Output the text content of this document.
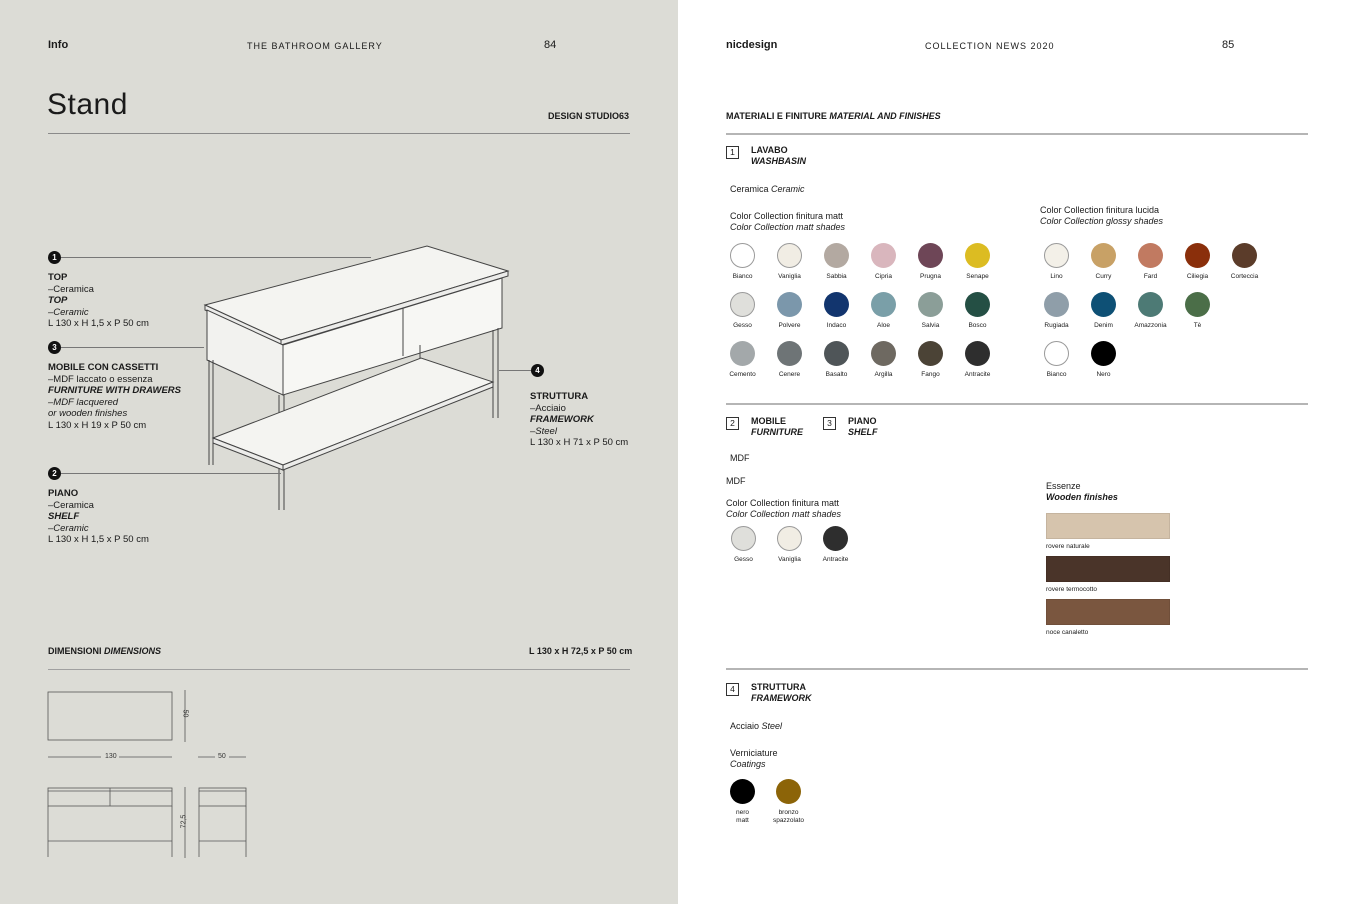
Info	THE BATHROOM GALLERY	84
Stand	DESIGN STUDIO63
1
TOP
–Ceramica
TOP
–Ceramic
L 130 x H 1,5 x P 50 cm
3
MOBILE CON CASSETTI
–MDF laccato o essenza
FURNITURE WITH DRAWERS
–MDF lacquered
or wooden finishes
L 130 x H 19 x P 50 cm
2
PIANO
–Ceramica
SHELF
–Ceramic
L 130 x H 1,5 x P 50 cm
4
STRUTTURA
–Acciaio
FRAMEWORK
–Steel
L 130 x H 71 x P 50 cm
DIMENSIONI DIMENSIONS	L 130 x H 72,5 x P 50 cm
50
130	50
72,5
nicdesign	COLLECTION NEWS 2020	85
MATERIALI E FINITURE MATERIAL AND FINISHES
1	LAVABO
WASHBASIN
Ceramica Ceramic
Color Collection finitura matt
Color Collection matt shades
Color Collection finitura lucida
Color Collection glossy shades
Bianco	Vaniglia	Sabbia	Cipria	Prugna	Senape
Gesso	Polvere	Indaco	Aloe	Salvia	Bosco
Cemento	Cenere	Basalto	Argilla	Fango	Antracite
Lino	Curry	Fard	Ciliegia	Corteccia
Rugiada	Denim	Amazzonia	Tè
Bianco	Nero
2	MOBILE
FURNITURE
3	PIANO
SHELF
MDF
MDF
Color Collection finitura matt
Color Collection matt shades
Gesso	Vaniglia	Antracite
Essenze
Wooden finishes
rovere naturale
rovere termocotto
noce canaletto
4	STRUTTURA
FRAMEWORK
Acciaio Steel
Verniciature
Coatings
nero
matt
bronzo
spazzolato
